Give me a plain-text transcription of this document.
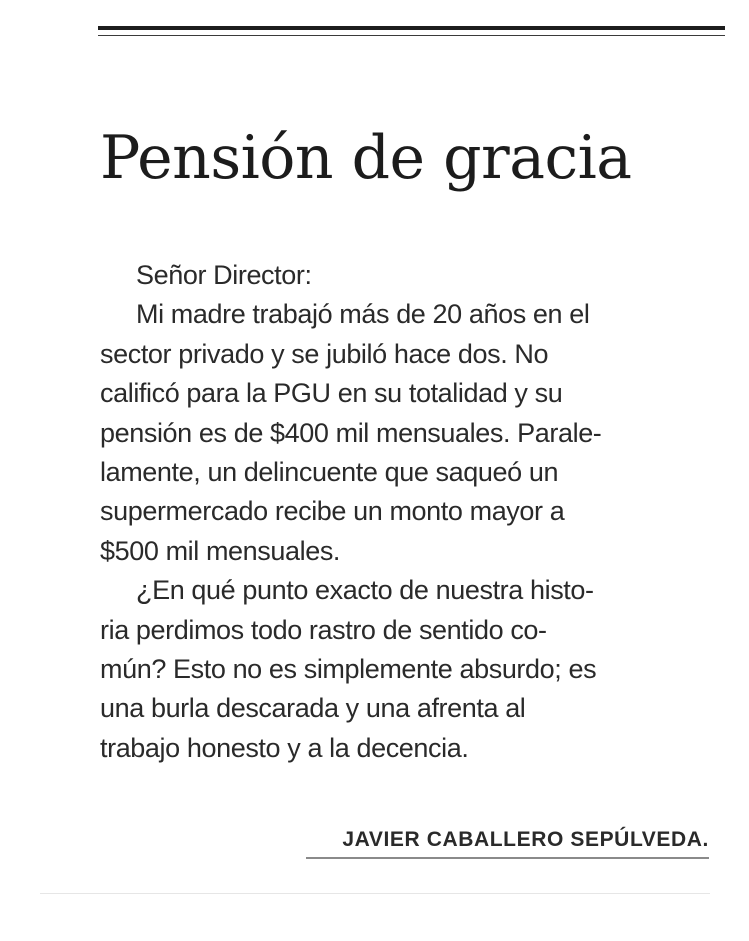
Pensión de gracia
Señor Director:
Mi madre trabajó más de 20 años en el
sector privado y se jubiló hace dos. No
calificó para la PGU en su totalidad y su
pensión es de $400 mil mensuales. Parale-
lamente, un delincuente que saqueó un
supermercado recibe un monto mayor a
$500 mil mensuales.
¿En qué punto exacto de nuestra histo-
ria perdimos todo rastro de sentido co-
mún? Esto no es simplemente absurdo; es
una burla descarada y una afrenta al
trabajo honesto y a la decencia.
JAVIER CABALLERO SEPÚLVEDA.
